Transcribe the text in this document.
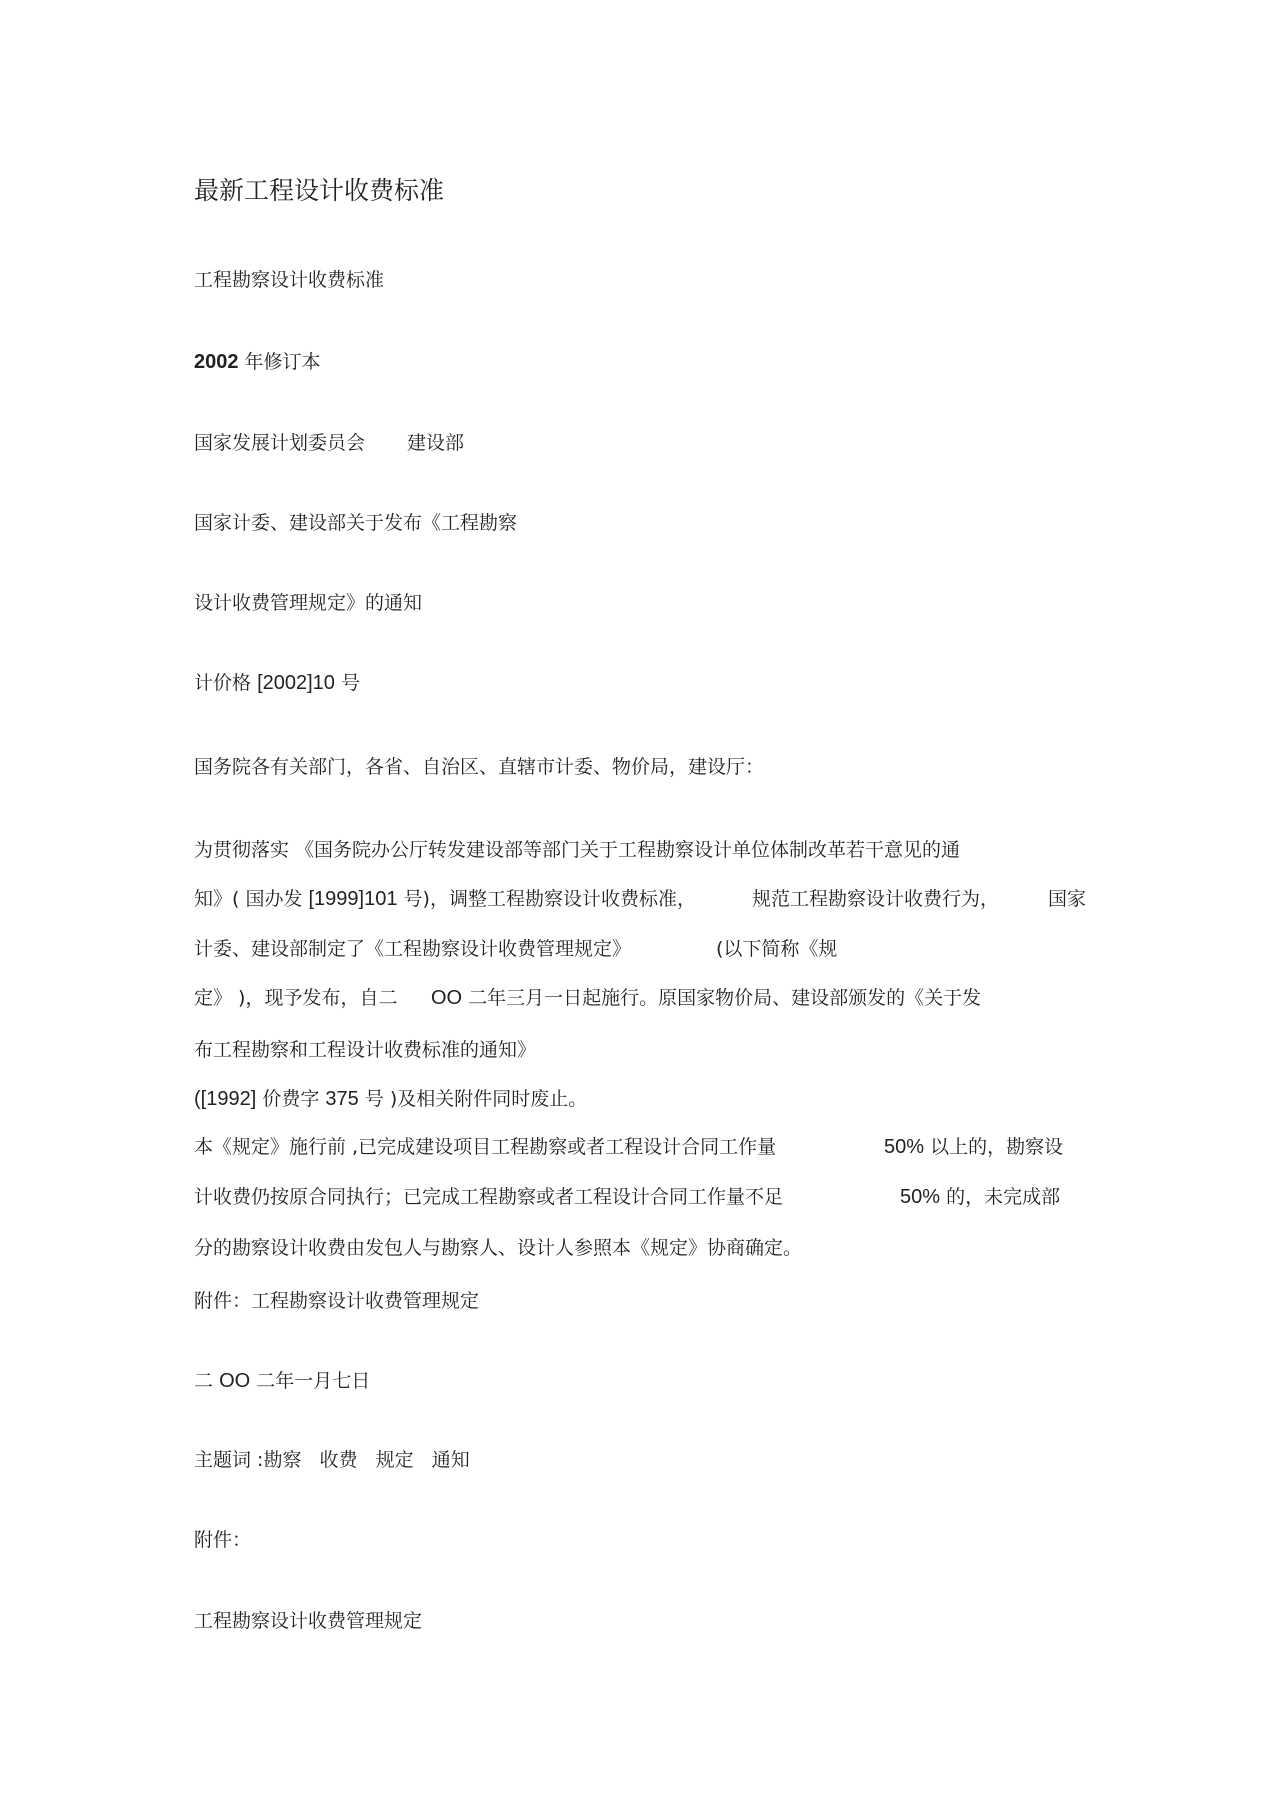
最新工程设计收费标准
工程勘察设计收费标准
2002 年修订本
国家发展计划委员会 建设部
国家计委、建设部关于发布《工程勘察
设计收费管理规定》的通知
计价格 [2002]10 号
国务院各有关部门，各省、自治区、直辖市计委、物价局，建设厅：
为贯彻落实 《国务院办公厅转发建设部等部门关于工程勘察设计单位体制改革若干意见的通
知》( 国办发 [1999]101 号)，调整工程勘察设计收费标准，	规范工程勘察设计收费行为，	国家
计委、建设部制定了《工程勘察设计收费管理规定》	(以下简称《规
定》 )，现予发布，自二 OO 二年三月一日起施行。原国家物价局、建设部颁发的《关于发
布工程勘察和工程设计收费标准的通知》
([1992] 价费字 375 号 )及相关附件同时废止。
本《规定》施行前 ,已完成建设项目工程勘察或者工程设计合同工作量	50% 以上的，勘察设
计收费仍按原合同执行；已完成工程勘察或者工程设计合同工作量不足	50% 的，未完成部
分的勘察设计收费由发包人与勘察人、设计人参照本《规定》协商确定。
附件：工程勘察设计收费管理规定
二 OO 二年一月七日
主题词 :勘察   收费   规定   通知
附件：
工程勘察设计收费管理规定
